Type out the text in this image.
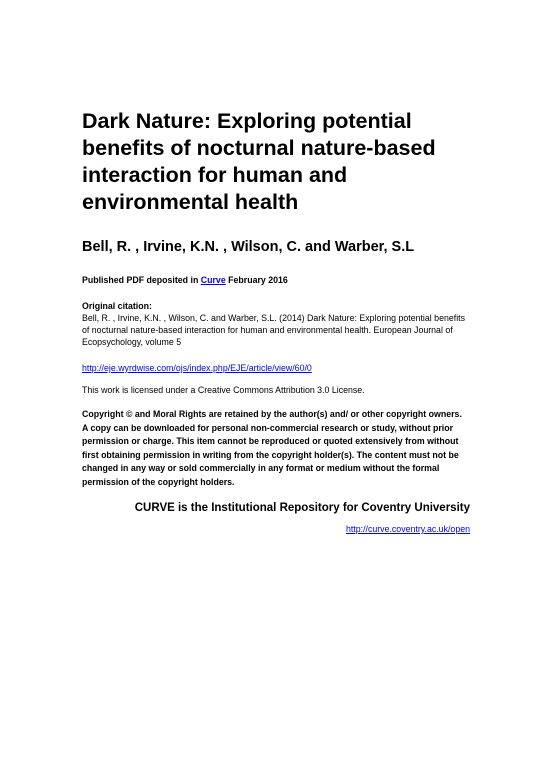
Dark Nature: Exploring potential benefits of nocturnal nature-based interaction for human and environmental health
Bell, R. , Irvine, K.N. , Wilson, C. and Warber, S.L
Published PDF deposited in Curve February 2016
Original citation:
Bell, R. , Irvine, K.N. , Wilson, C. and Warber, S.L. (2014) Dark Nature: Exploring potential benefits of nocturnal nature-based interaction for human and environmental health. European Journal of Ecopsychology, volume 5
http://eje.wyrdwise.com/ojs/index.php/EJE/article/view/60/0
This work is licensed under a Creative Commons Attribution 3.0 License.
Copyright © and Moral Rights are retained by the author(s) and/ or other copyright owners. A copy can be downloaded for personal non-commercial research or study, without prior permission or charge. This item cannot be reproduced or quoted extensively from without first obtaining permission in writing from the copyright holder(s). The content must not be changed in any way or sold commercially in any format or medium without the formal permission of the copyright holders.
CURVE is the Institutional Repository for Coventry University
http://curve.coventry.ac.uk/open
